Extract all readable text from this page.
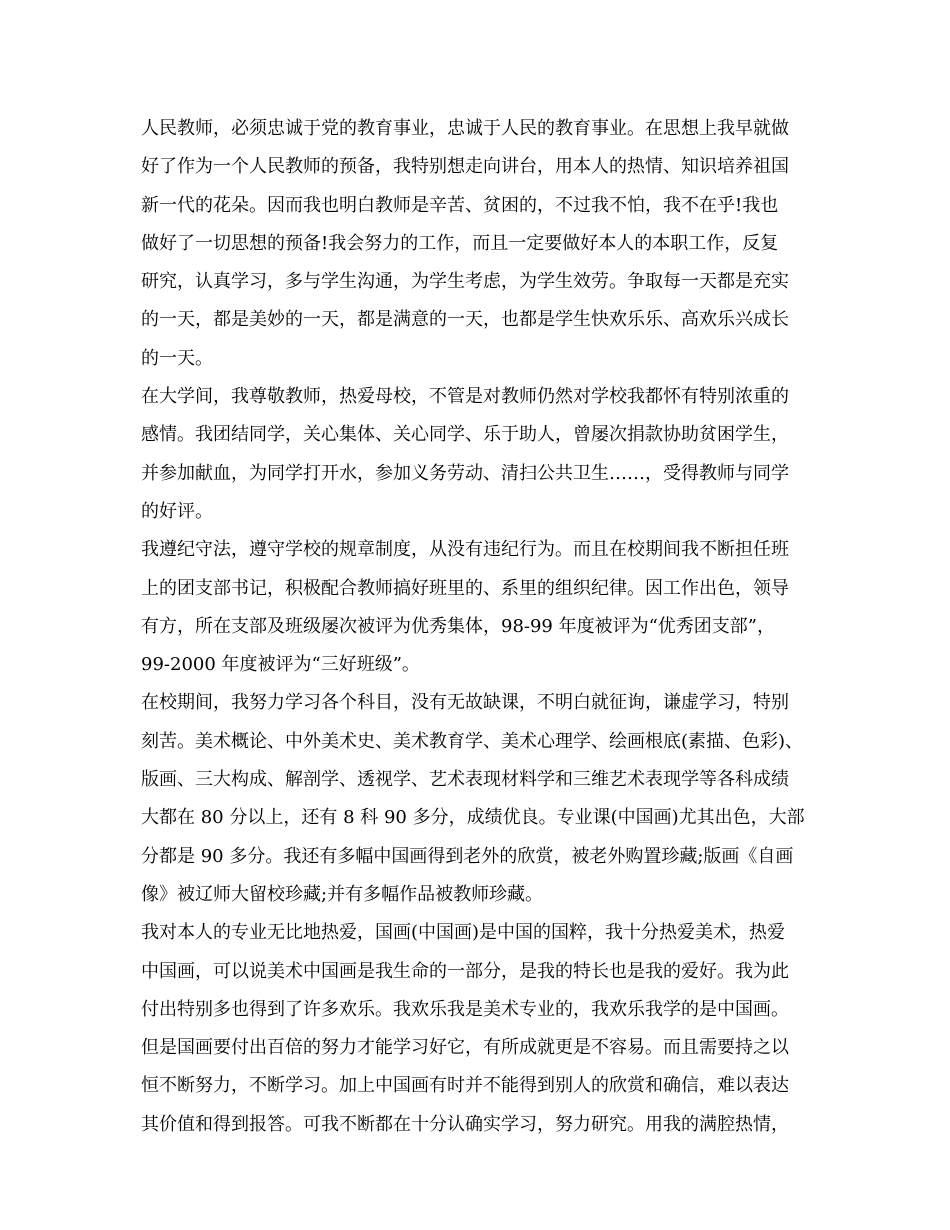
人民教师，必须忠诚于党的教育事业，忠诚于人民的教育事业。在思想上我早就做
好了作为一个人民教师的预备，我特别想走向讲台，用本人的热情、知识培养祖国
新一代的花朵。因而我也明白教师是辛苦、贫困的，不过我不怕，我不在乎!我也
做好了一切思想的预备!我会努力的工作，而且一定要做好本人的本职工作，反复
研究，认真学习，多与学生沟通，为学生考虑，为学生效劳。争取每一天都是充实
的一天，都是美妙的一天，都是满意的一天，也都是学生快欢乐乐、高欢乐兴成长
的一天。
在大学间，我尊敬教师，热爱母校，不管是对教师仍然对学校我都怀有特别浓重的
感情。我团结同学，关心集体、关心同学、乐于助人，曾屡次捐款协助贫困学生，
并参加献血，为同学打开水，参加义务劳动、清扫公共卫生……，受得教师与同学
的好评。
我遵纪守法，遵守学校的规章制度，从没有违纪行为。而且在校期间我不断担任班
上的团支部书记，积极配合教师搞好班里的、系里的组织纪律。因工作出色，领导
有方，所在支部及班级屡次被评为优秀集体，98-99 年度被评为“优秀团支部”，
99-2000 年度被评为“三好班级”。
在校期间，我努力学习各个科目，没有无故缺课，不明白就征询，谦虚学习，特别
刻苦。美术概论、中外美术史、美术教育学、美术心理学、绘画根底(素描、色彩)、
版画、三大构成、解剖学、透视学、艺术表现材料学和三维艺术表现学等各科成绩
大都在 80 分以上，还有 8 科 90 多分，成绩优良。专业课(中国画)尤其出色，大部
分都是 90 多分。我还有多幅中国画得到老外的欣赏，被老外购置珍藏;版画《自画
像》被辽师大留校珍藏;并有多幅作品被教师珍藏。
我对本人的专业无比地热爱，国画(中国画)是中国的国粹，我十分热爱美术，热爱
中国画，可以说美术中国画是我生命的一部分，是我的特长也是我的爱好。我为此
付出特别多也得到了许多欢乐。我欢乐我是美术专业的，我欢乐我学的是中国画。
但是国画要付出百倍的努力才能学习好它，有所成就更是不容易。而且需要持之以
恒不断努力，不断学习。加上中国画有时并不能得到别人的欣赏和确信，难以表达
其价值和得到报答。可我不断都在十分认确实学习，努力研究。用我的满腔热情，
